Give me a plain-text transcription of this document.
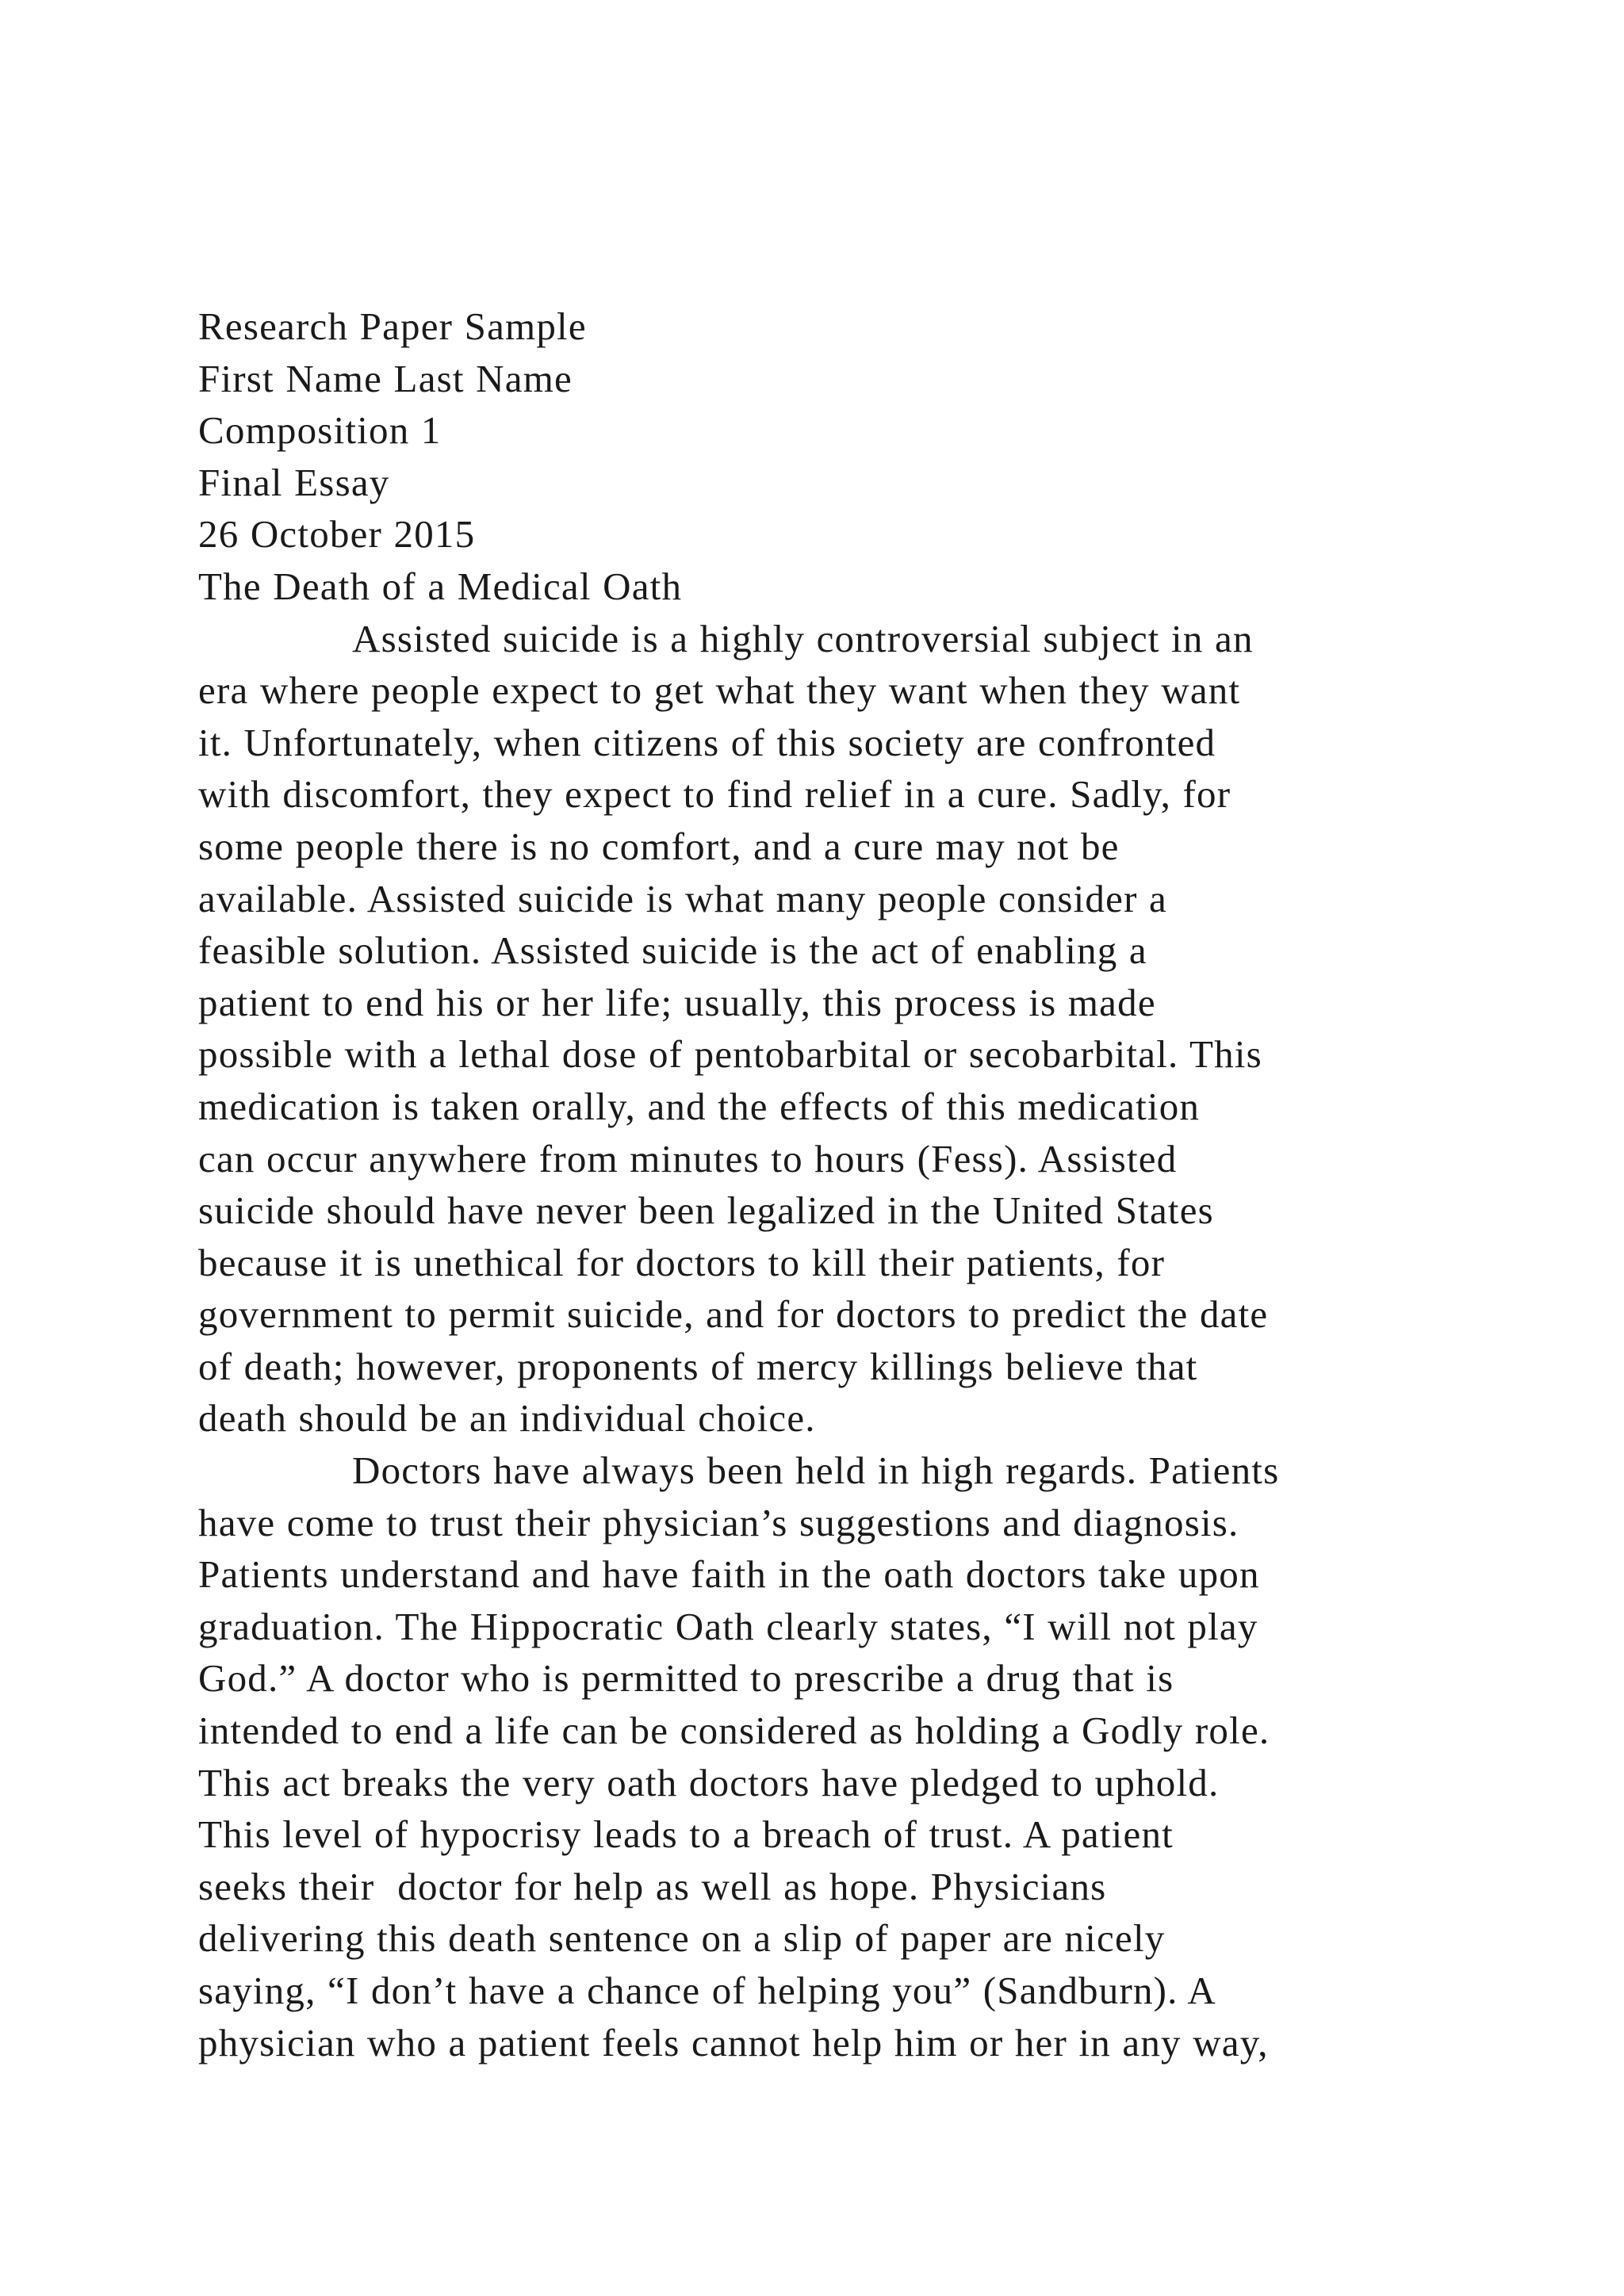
Research Paper Sample
First Name Last Name
Composition 1
Final Essay
26 October 2015
The Death of a Medical Oath
Assisted suicide is a highly controversial subject in an
era where people expect to get what they want when they want
it. Unfortunately, when citizens of this society are confronted
with discomfort, they expect to find relief in a cure. Sadly, for
some people there is no comfort, and a cure may not be
available. Assisted suicide is what many people consider a
feasible solution. Assisted suicide is the act of enabling a
patient to end his or her life; usually, this process is made
possible with a lethal dose of pentobarbital or secobarbital. This
medication is taken orally, and the effects of this medication
can occur anywhere from minutes to hours (Fess). Assisted
suicide should have never been legalized in the United States
because it is unethical for doctors to kill their patients, for
government to permit suicide, and for doctors to predict the date
of death; however, proponents of mercy killings believe that
death should be an individual choice.
Doctors have always been held in high regards. Patients
have come to trust their physician’s suggestions and diagnosis.
Patients understand and have faith in the oath doctors take upon
graduation. The Hippocratic Oath clearly states, “I will not play
God.” A doctor who is permitted to prescribe a drug that is
intended to end a life can be considered as holding a Godly role.
This act breaks the very oath doctors have pledged to uphold.
This level of hypocrisy leads to a breach of trust. A patient
seeks their  doctor for help as well as hope. Physicians
delivering this death sentence on a slip of paper are nicely
saying, “I don’t have a chance of helping you” (Sandburn). A
physician who a patient feels cannot help him or her in any way,
